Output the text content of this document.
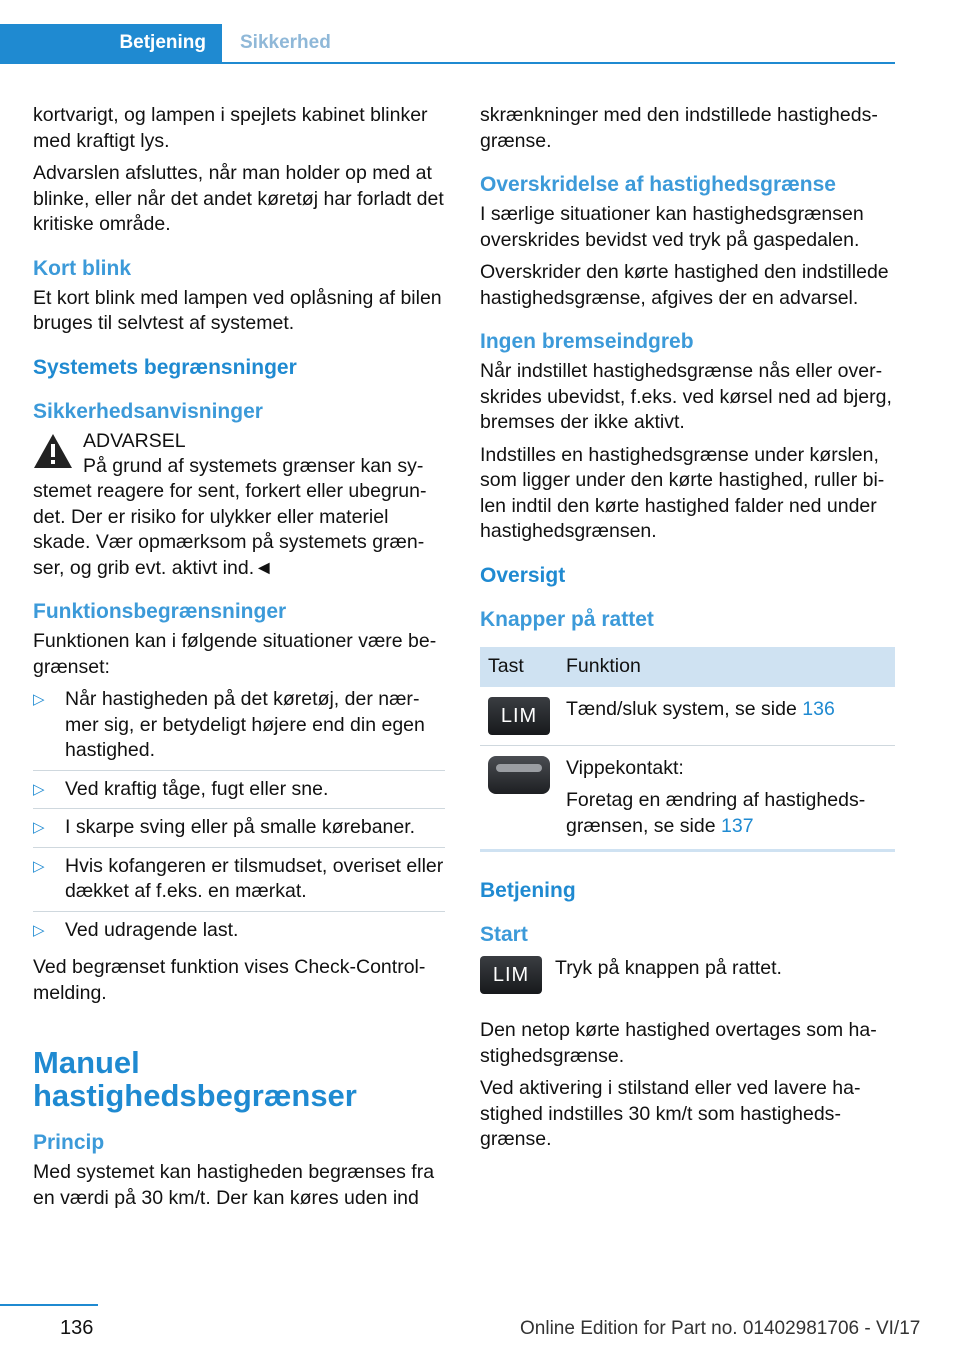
Betjening	Sikkerhed

kortvarigt, og lampen i spejlets kabinet blinker med kraftigt lys.

Advarslen afsluttes, når man holder op med at blinke, eller når det andet køretøj har forladt det kritiske område.

Kort blink

Et kort blink med lampen ved oplåsning af bilen bruges til selvtest af systemet.

Systemets begrænsninger
Sikkerhedsanvisninger
ADVARSEL

På grund af systemets grænser kan systemet reagere for sent, forkert eller ubegrundet. Der er risiko for ulykker eller materiel skade. Vær opmærksom på systemets grænser, og grib evt. aktivt ind.◄

Funktionsbegrænsninger

Funktionen kan i følgende situationer være begrænset:

▷ Når hastigheden på det køretøj, der nærmer sig, er betydeligt højere end din egen hastighed.
▷ Ved kraftig tåge, fugt eller sne.
▷ I skarpe sving eller på smalle kørebaner.
▷ Hvis kofangeren er tilsmudset, overiset eller dækket af f.eks. en mærkat.
▷ Ved udragende last.

Ved begrænset funktion vises Check-Control-melding.

Manuel hastighedsbegrænser
Princip

Med systemet kan hastigheden begrænses fra en værdi på 30 km/t. Der kan køres uden ind

skrænkninger med den indstillede hastighedsgrænse.

Overskridelse af hastighedsgrænse

I særlige situationer kan hastighedsgrænsen overskrides bevidst ved tryk på gaspedalen.

Overskrider den kørte hastighed den indstillede hastighedsgrænse, afgives der en advarsel.

Ingen bremseindgreb

Når indstillet hastighedsgrænse nås eller overskrides ubevidst, f.eks. ved kørsel ned ad bjerg, bremses der ikke aktivt.

Indstilles en hastighedsgrænse under kørslen, som ligger under den kørte hastighed, ruller bilen indtil den kørte hastighed falder ned under hastighedsgrænsen.

Oversigt
Knapper på rattet
Tast	Funktion

LIM	Tænd/sluk system, se side 136

	Vippekontakt:

Foretag en ændring af hastighedsgrænsen, se side 137
Betjening
Start
LIM	Tryk på knappen på rattet.

Den netop kørte hastighed overtages som hastighedsgrænse.

Ved aktivering i stilstand eller ved lavere hastighed indstilles 30 km/t som hastighedsgrænse.

136	Online Edition for Part no. 01402981706 - VI/17
